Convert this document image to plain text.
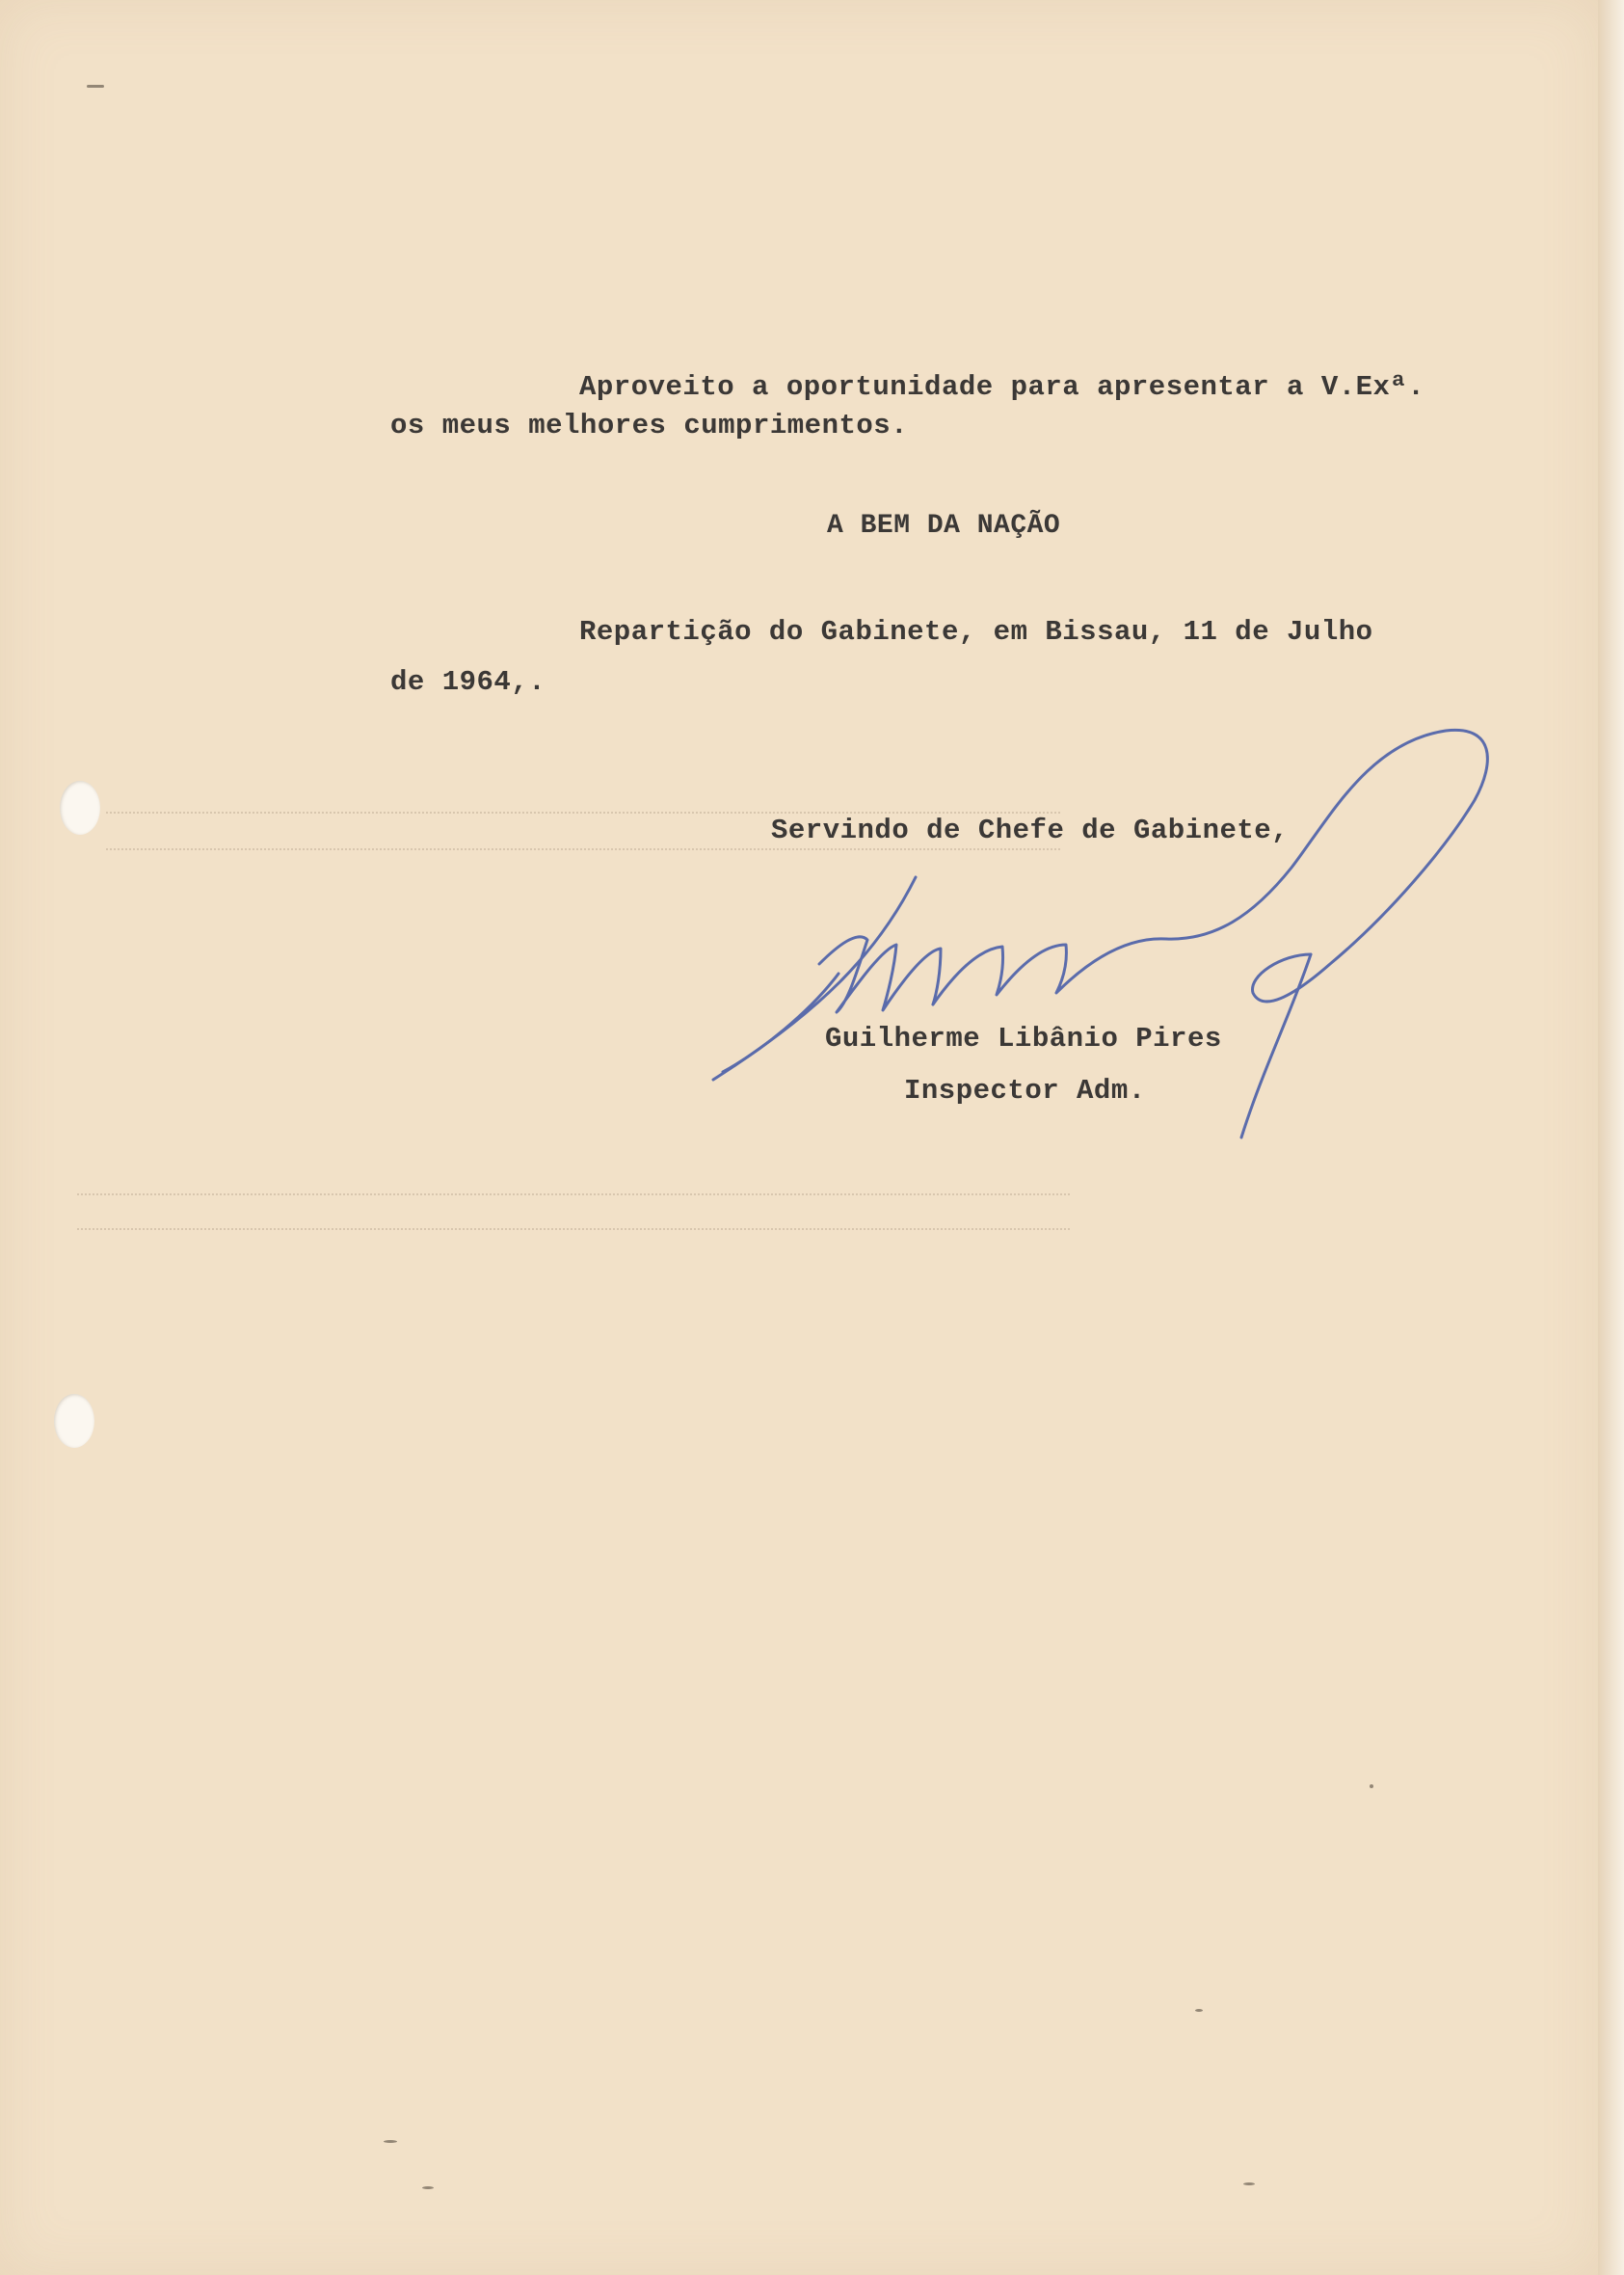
Aproveito a oportunidade para apresentar a V.Exª.

os meus melhores cumprimentos.

A BEM DA NAÇÃO

Repartição do Gabinete, em Bissau, 11 de Julho

de 1964,.

Servindo de Chefe de Gabinete,

Guilherme Libânio Pires

Inspector Adm.
